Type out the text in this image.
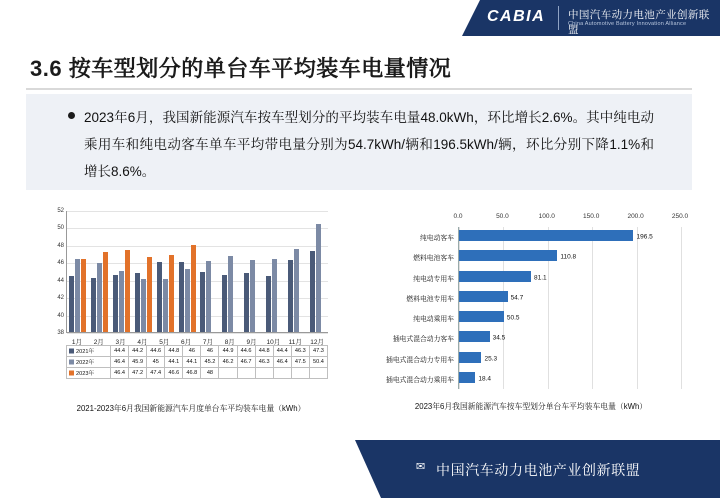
CABIA 中国汽车动力电池产业创新联盟
China Automotive Battery Innovation Alliance
3.6 按车型划分的单台车平均装车电量情况
2023年6月，我国新能源汽车按车型划分的平均装车电量48.0kWh，环比增长2.6%。其中纯电动乘用车和纯电动客车单车平均带电量分别为54.7kWh/辆和196.5kWh/辆，环比分别下降1.1%和增长8.6%。
38
40
42
44
46
48
50
52
2021年	44.4	44.2	44.6	44.8	46	46	44.9	44.6	44.8	44.4	46.3	47.3
2022年	46.4	45.9	45	44.1	44.1	45.2	46.2	46.7	46.3	46.4	47.5	50.4
2023年	46.4	47.2	47.4	46.6	46.8	48						
2021-2023年6月我国新能源汽车月度单台车平均装车电量（kWh）
1月	2月	3月	4月	5月	6月	7月	8月	9月	10月	11月	12月
0.0	50.0	100.0	150.0	200.0	250.0
纯电动客车	196.5
燃料电池客车	110.8
纯电动专用车	81.1
燃料电池专用车	54.7
纯电动乘用车	50.5
插电式混合动力客车	34.5
插电式混合动力专用车	25.3
插电式混合动力乘用车	18.4
2023年6月我国新能源汽车按车型划分单台车平均装车电量（kWh）
✉ 中国汽车动力电池产业创新联盟
